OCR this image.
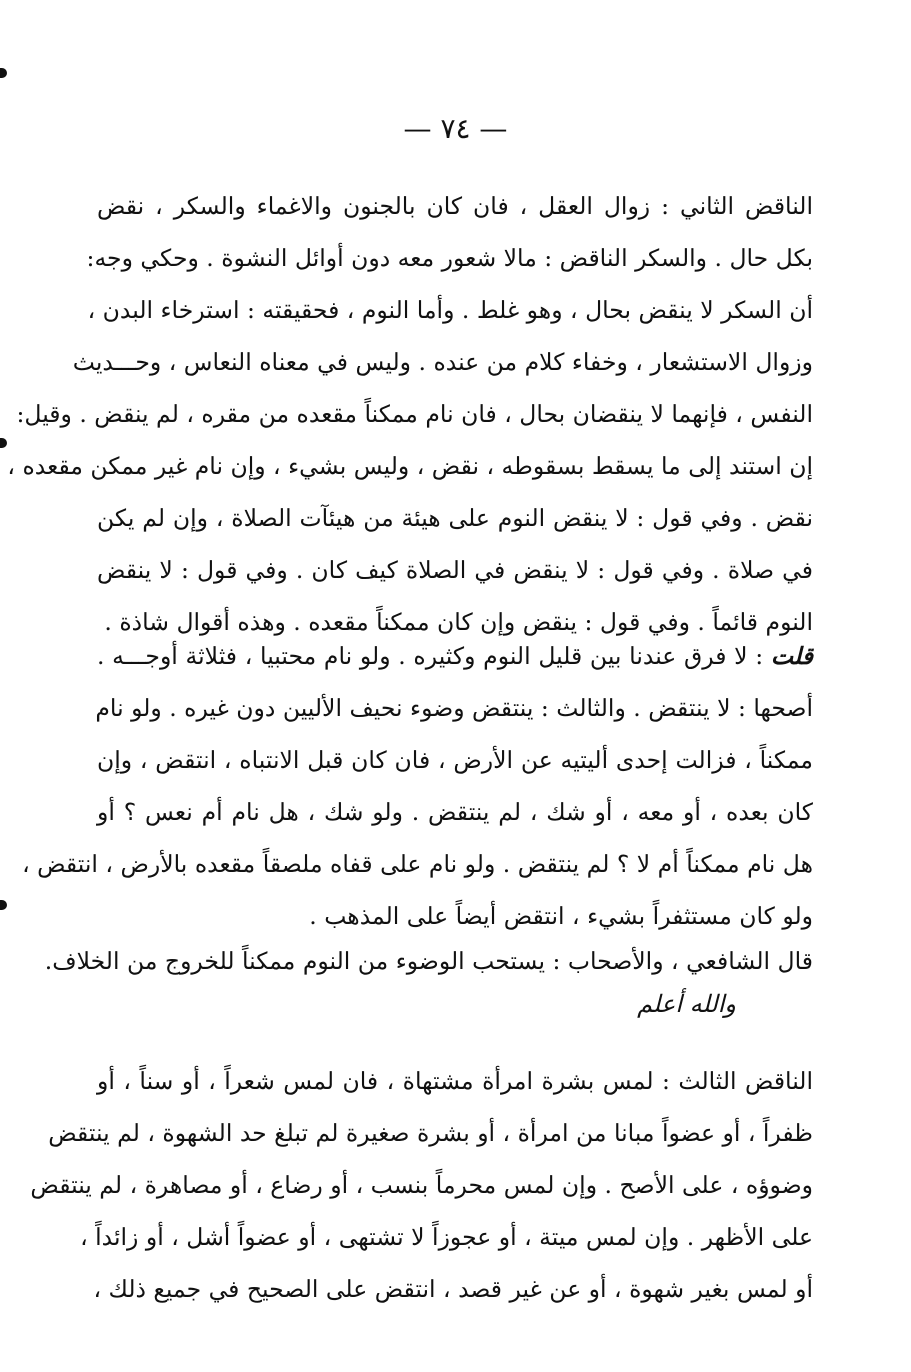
— ٧٤ —
الناقض الثاني : زوال العقل ، فان كان بالجنون والاغماء والسكر ، نقض
بكل حال . والسكر الناقض : مالا شعور معه دون أوائل النشوة . وحكي وجه:
أن السكر لا ينقض بحال ، وهو غلط . وأما النوم ، فحقيقته : استرخاء البدن ،
وزوال الاستشعار ، وخفاء كلام من عنده . وليس في معناه النعاس ، وحـــديث
النفس ، فإنهما لا ينقضان بحال ، فان نام ممكناً مقعده من مقره ، لم ينقض . وقيل:
إن استند إلى ما يسقط بسقوطه ، نقض ، وليس بشيء ، وإن نام غير ممكن مقعده ،
نقض . وفي قول : لا ينقض النوم على هيئة من هيئآت الصلاة ، وإن لم يكن
في صلاة . وفي قول : لا ينقض في الصلاة كيف كان . وفي قول : لا ينقض
النوم قائماً . وفي قول : ينقض وإن كان ممكناً مقعده . وهذه أقوال شاذة .
قلت : لا فرق عندنا بين قليل النوم وكثيره . ولو نام محتبيا ، فثلاثة أوجـــه .
أصحها : لا ينتقض . والثالث : ينتقض وضوء نحيف الأليين دون غيره . ولو نام
ممكناً ، فزالت إحدى أليتيه عن الأرض ، فان كان قبل الانتباه ، انتقض ، وإن
كان بعده ، أو معه ، أو شك ، لم ينتقض . ولو شك ، هل نام أم نعس ؟ أو
هل نام ممكناً أم لا ؟ لم ينتقض . ولو نام على قفاه ملصقاً مقعده بالأرض ، انتقض ،
ولو كان مستثفراً بشيء ، انتقض أيضاً على المذهب .
قال الشافعي ، والأصحاب : يستحب الوضوء من النوم ممكناً للخروج من الخلاف.
والله أعلم
الناقض الثالث : لمس بشرة امرأة مشتهاة ، فان لمس شعراً ، أو سناً ، أو
ظفراً ، أو عضواً مبانا من امرأة ، أو بشرة صغيرة لم تبلغ حد الشهوة ، لم ينتقض
وضوؤه ، على الأصح . وإن لمس محرماً بنسب ، أو رضاع ، أو مصاهرة ، لم ينتقض
على الأظهر . وإن لمس ميتة ، أو عجوزاً لا تشتهى ، أو عضواً أشل ، أو زائداً ،
أو لمس بغير شهوة ، أو عن غير قصد ، انتقض على الصحيح في جميع ذلك ،
